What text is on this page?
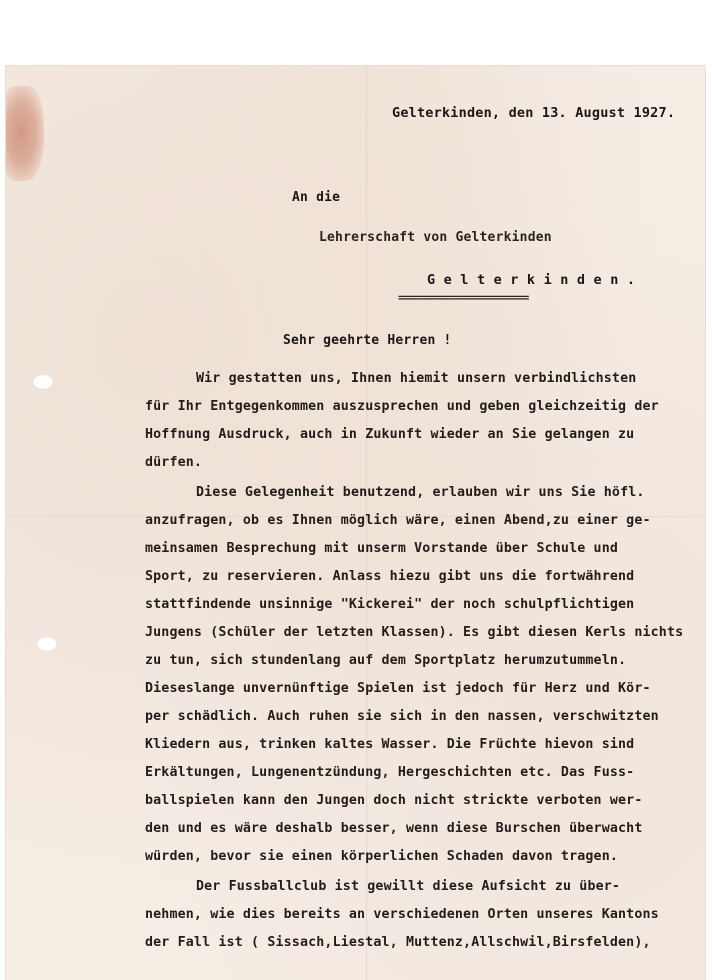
Gelterkinden, den 13. August 1927.
An die
Lehrerschaft von Gelterkinden
G e l t e r k i n d e n .
========================
Sehr geehrte Herren !
Wir gestatten uns, Ihnen hiemit unsern verbindlichsten
für Ihr Entgegenkommen auszusprechen und geben gleichzeitig der
Hoffnung Ausdruck, auch in Zukunft wieder an Sie gelangen zu
dürfen.
Diese Gelegenheit benutzend, erlauben wir uns Sie höfl.
anzufragen, ob es Ihnen möglich wäre, einen Abend,zu einer ge-
meinsamen Besprechung mit unserm Vorstande über Schule und
Sport, zu reservieren. Anlass hiezu gibt uns die fortwährend
stattfindende unsinnige "Kickerei" der noch schulpflichtigen
Jungens (Schüler der letzten Klassen). Es gibt diesen Kerls nichts
zu tun, sich stundenlang auf dem Sportplatz herumzutummeln.
Dieseslange unvernünftige Spielen ist jedoch für Herz und Kör-
per schädlich. Auch ruhen sie sich in den nassen, verschwitzten
Kliedern aus, trinken kaltes Wasser. Die Früchte hievon sind
Erkältungen, Lungenentzündung, Hergeschichten etc. Das Fuss-
ballspielen kann den Jungen doch nicht strickte verboten wer-
den und es wäre deshalb besser, wenn diese Burschen überwacht
würden, bevor sie einen körperlichen Schaden davon tragen.
Der Fussballclub ist gewillt diese Aufsicht zu über-
nehmen, wie dies bereits an verschiedenen Orten unseres Kantons
der Fall ist ( Sissach,Liestal, Muttenz,Allschwil,Birsfelden),
